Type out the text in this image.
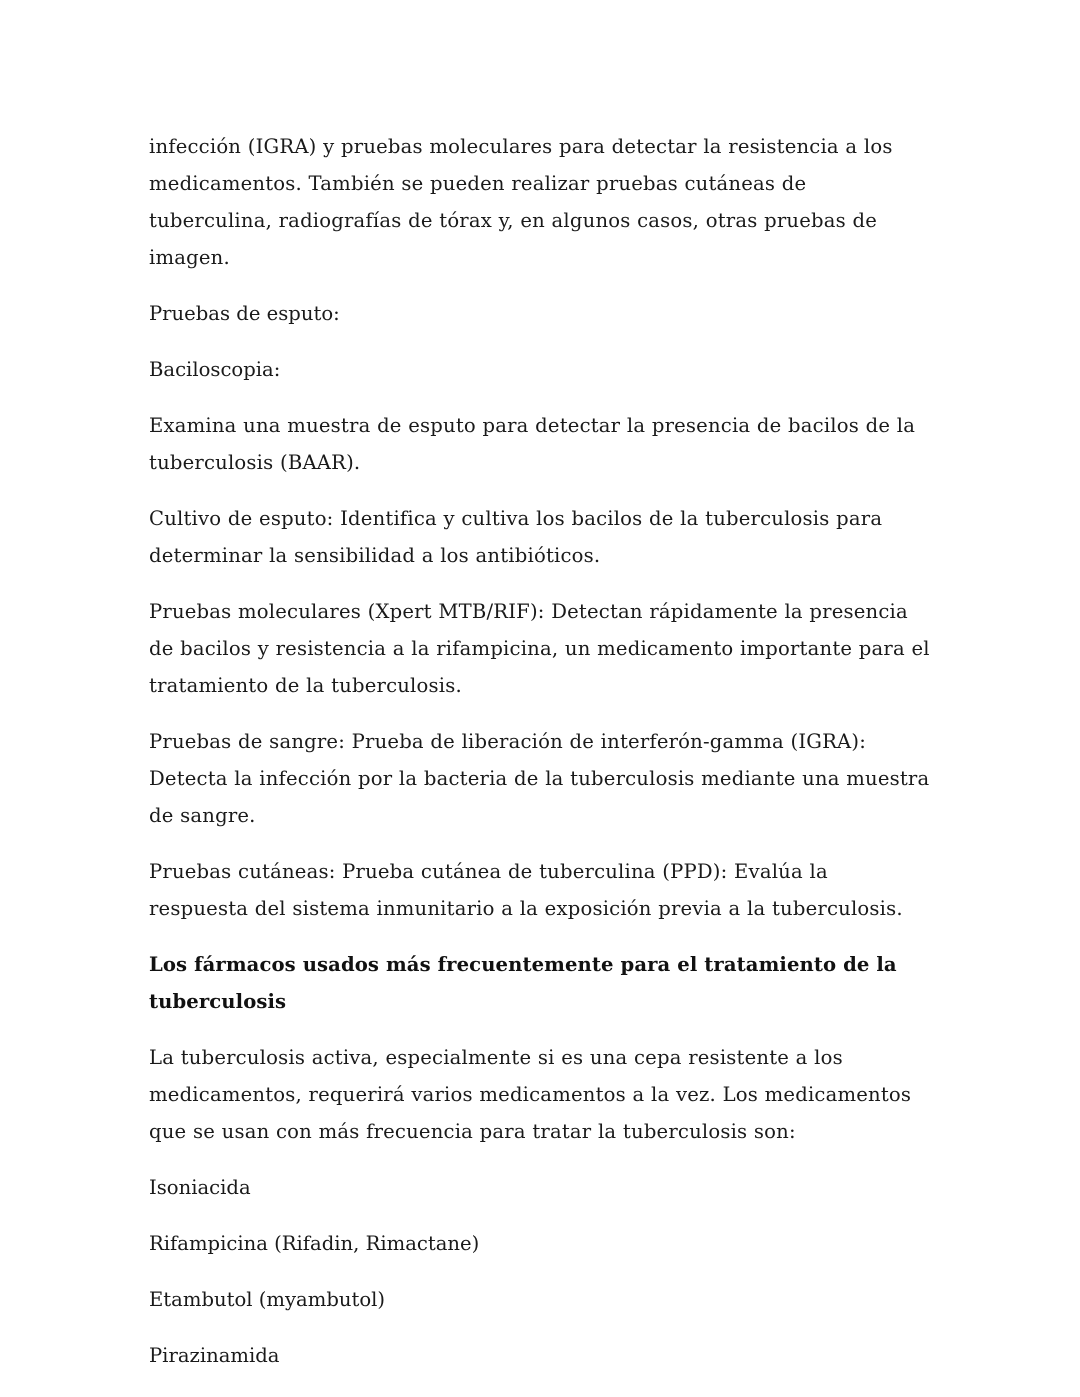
infección (IGRA) y pruebas moleculares para detectar la resistencia a los medicamentos. También se pueden realizar pruebas cutáneas de tuberculina, radiografías de tórax y, en algunos casos, otras pruebas de imagen.

Pruebas de esputo:

Baciloscopia:

Examina una muestra de esputo para detectar la presencia de bacilos de la tuberculosis (BAAR).

Cultivo de esputo: Identifica y cultiva los bacilos de la tuberculosis para determinar la sensibilidad a los antibióticos.

Pruebas moleculares (Xpert MTB/RIF): Detectan rápidamente la presencia de bacilos y resistencia a la rifampicina, un medicamento importante para el tratamiento de la tuberculosis.

Pruebas de sangre: Prueba de liberación de interferón-gamma (IGRA): Detecta la infección por la bacteria de la tuberculosis mediante una muestra de sangre.

Pruebas cutáneas: Prueba cutánea de tuberculina (PPD): Evalúa la respuesta del sistema inmunitario a la exposición previa a la tuberculosis.

Los fármacos usados más frecuentemente para el tratamiento de la tuberculosis

La tuberculosis activa, especialmente si es una cepa resistente a los medicamentos, requerirá varios medicamentos a la vez. Los medicamentos que se usan con más frecuencia para tratar la tuberculosis son:

Isoniacida

Rifampicina (Rifadin, Rimactane)

Etambutol (myambutol)

Pirazinamida
